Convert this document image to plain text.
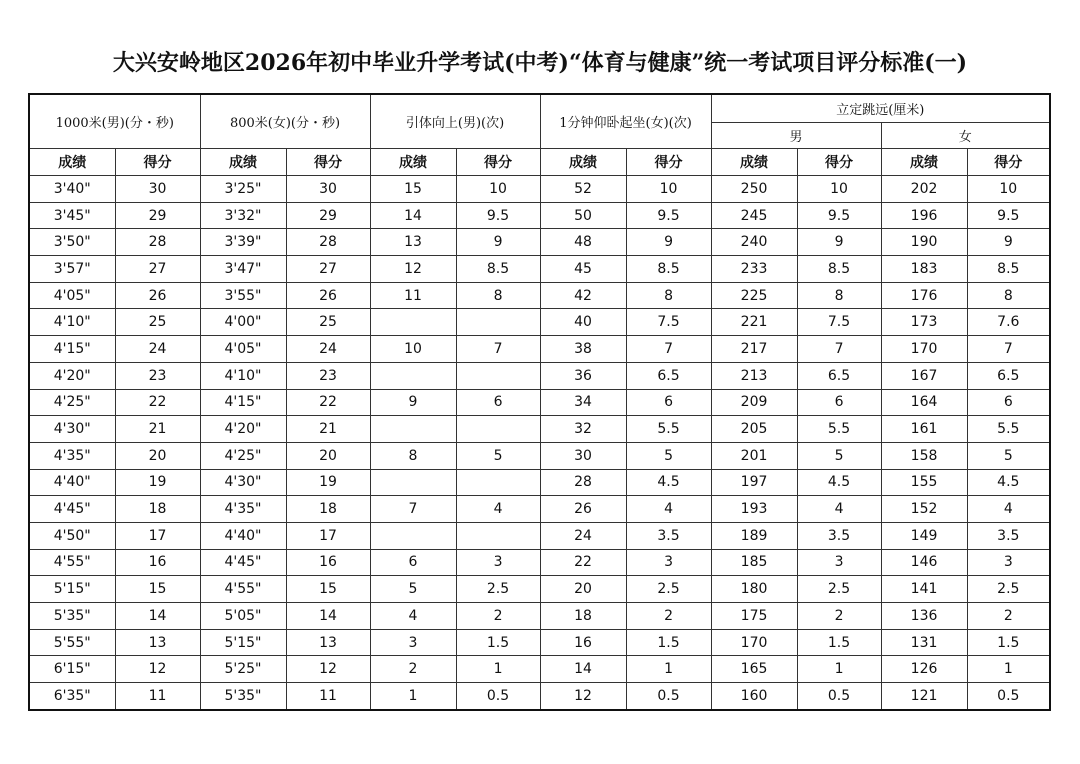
大兴安岭地区2026年初中毕业升学考试(中考)“体育与健康”统一考试项目评分标准(一)
1000米(男)(分・秒)		800米(女)(分・秒)		引体向上(男)(次)		1分钟仰卧起坐(女)(次)		立定跳远(厘米)			
								男		女	
成绩	得分	成绩	得分	成绩	得分	成绩	得分	成绩	得分	成绩	得分
3'40"	30	3'25"	30	15	10	52	10	250	10	202	10
3'45"	29	3'32"	29	14	9.5	50	9.5	245	9.5	196	9.5
3'50"	28	3'39"	28	13	9	48	9	240	9	190	9
3'57"	27	3'47"	27	12	8.5	45	8.5	233	8.5	183	8.5
4'05"	26	3'55"	26	11	8	42	8	225	8	176	8
4'10"	25	4'00"	25			40	7.5	221	7.5	173	7.6
4'15"	24	4'05"	24	10	7	38	7	217	7	170	7
4'20"	23	4'10"	23			36	6.5	213	6.5	167	6.5
4'25"	22	4'15"	22	9	6	34	6	209	6	164	6
4'30"	21	4'20"	21			32	5.5	205	5.5	161	5.5
4'35"	20	4'25"	20	8	5	30	5	201	5	158	5
4'40"	19	4'30"	19			28	4.5	197	4.5	155	4.5
4'45"	18	4'35"	18	7	4	26	4	193	4	152	4
4'50"	17	4'40"	17			24	3.5	189	3.5	149	3.5
4'55"	16	4'45"	16	6	3	22	3	185	3	146	3
5'15"	15	4'55"	15	5	2.5	20	2.5	180	2.5	141	2.5
5'35"	14	5'05"	14	4	2	18	2	175	2	136	2
5'55"	13	5'15"	13	3	1.5	16	1.5	170	1.5	131	1.5
6'15"	12	5'25"	12	2	1	14	1	165	1	126	1
6'35"	11	5'35"	11	1	0.5	12	0.5	160	0.5	121	0.5
